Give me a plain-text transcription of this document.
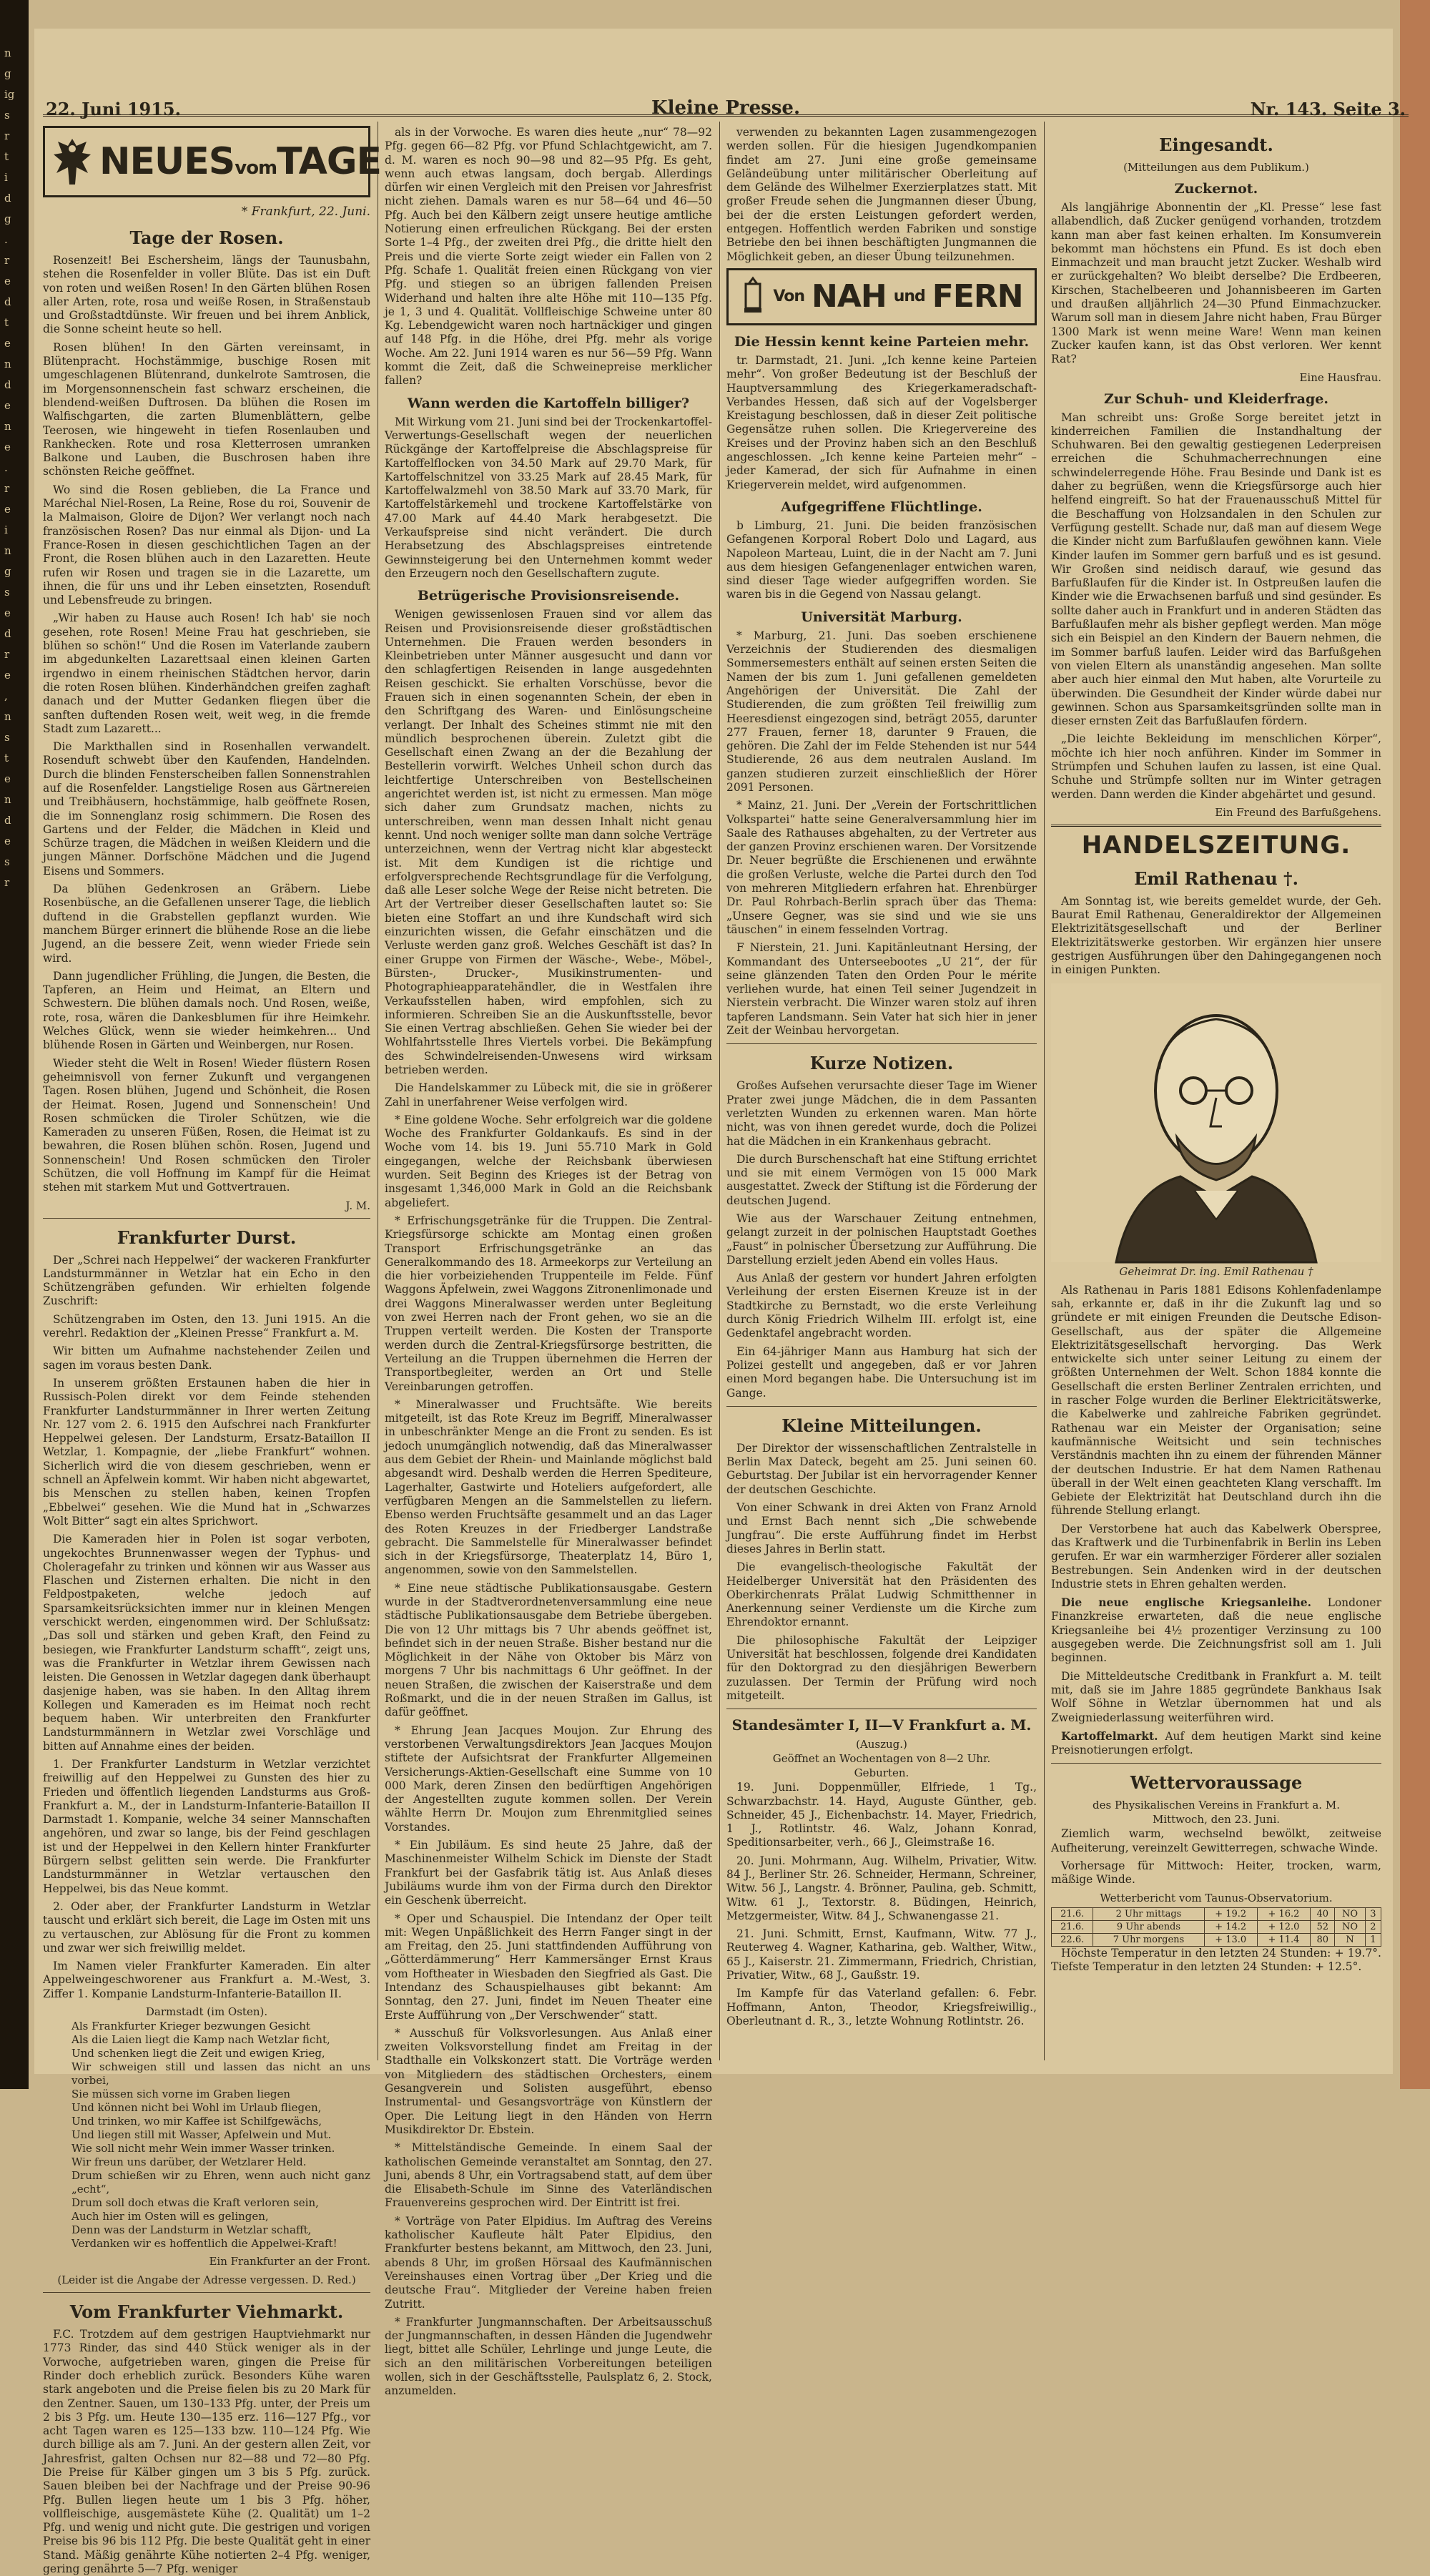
n
g
ig
s
r
t
i
d
g
.
r
e
d
t
e
n
d
e
n
e
.
r
e
i
n
g
s
e
d
r
e
,
n
s
t
e
n
d
e
s
r
22. Juni 1915.	Kleine Presse.	Nr. 143. Seite 3.
NEUESvomTAGE
* Frankfurt, 22. Juni.
Tage der Rosen.

Rosenzeit! Bei Eschersheim, längs der Taunusbahn, stehen die Rosenfelder in voller Blüte. Das ist ein Duft von roten und weißen Rosen! In den Gärten blühen Rosen aller Arten, rote, rosa und weiße Rosen, in Straßenstaub und Großstadtdünste. Wir freuen und bei ihrem Anblick, die Sonne scheint heute so hell.

Rosen blühen! In den Gärten vereinsamt, in Blütenpracht. Hochstämmige, buschige Rosen mit umgeschlagenen Blütenrand, dunkelrote Samtrosen, die im Morgensonnenschein fast schwarz erscheinen, die blendend-weißen Duftrosen. Da blühen die Rosen im Walfischgarten, die zarten Blumenblättern, gelbe Teerosen, wie hingeweht in tiefen Rosenlauben und Rankhecken. Rote und rosa Kletterrosen umranken Balkone und Lauben, die Buschrosen haben ihre schönsten Reiche geöffnet.

Wo sind die Rosen geblieben, die La France und Maréchal Niel-Rosen, La Reine, Rose du roi, Souvenir de la Malmaison, Gloire de Dijon? Wer verlangt noch nach französischen Rosen? Das nur einmal als Dijon- und La France-Rosen in diesen geschichtlichen Tagen an der Front, die Rosen blühen auch in den Lazaretten. Heute rufen wir Rosen und tragen sie in die Lazarette, um ihnen, die für uns und ihr Leben einsetzten, Rosenduft und Lebensfreude zu bringen.

„Wir haben zu Hause auch Rosen! Ich hab' sie noch gesehen, rote Rosen! Meine Frau hat geschrieben, sie blühen so schön!“ Und die Rosen im Vaterlande zaubern im abgedunkelten Lazarettsaal einen kleinen Garten irgendwo in einem rheinischen Städtchen hervor, darin die roten Rosen blühen. Kinderhändchen greifen zaghaft danach und der Mutter Gedanken fliegen über die sanften duftenden Rosen weit, weit weg, in die fremde Stadt zum Lazarett...

Die Markthallen sind in Rosenhallen verwandelt. Rosenduft schwebt über den Kaufenden, Handelnden. Durch die blinden Fensterscheiben fallen Sonnenstrahlen auf die Rosenfelder. Langstielige Rosen aus Gärtnereien und Treibhäusern, hochstämmige, halb geöffnete Rosen, die im Sonnenglanz rosig schimmern. Die Rosen des Gartens und der Felder, die Mädchen in Kleid und Schürze tragen, die Mädchen in weißen Kleidern und die jungen Männer. Dorfschöne Mädchen und die Jugend Eisens und Sommers.

Da blühen Gedenkrosen an Gräbern. Liebe Rosenbüsche, an die Gefallenen unserer Tage, die lieblich duftend in die Grabstellen gepflanzt wurden. Wie manchem Bürger erinnert die blühende Rose an die liebe Jugend, an die bessere Zeit, wenn wieder Friede sein wird.

Dann jugendlicher Frühling, die Jungen, die Besten, die Tapferen, an Heim und Heimat, an Eltern und Schwestern. Die blühen damals noch. Und Rosen, weiße, rote, rosa, wären die Dankesblumen für ihre Heimkehr. Welches Glück, wenn sie wieder heimkehren... Und blühende Rosen in Gärten und Weinbergen, nur Rosen.

Wieder steht die Welt in Rosen! Wieder flüstern Rosen geheimnisvoll von ferner Zukunft und vergangenen Tagen. Rosen blühen, Jugend und Schönheit, die Rosen der Heimat. Rosen, Jugend und Sonnenschein! Und Rosen schmücken die Tiroler Schützen, wie die Kameraden zu unseren Füßen, Rosen, die Heimat ist zu bewahren, die Rosen blühen schön. Rosen, Jugend und Sonnenschein! Und Rosen schmücken den Tiroler Schützen, die voll Hoffnung im Kampf für die Heimat stehen mit starkem Mut und Gottvertrauen.

J. M.
Frankfurter Durst.

Der „Schrei nach Heppelwei“ der wackeren Frankfurter Landsturmmänner in Wetzlar hat ein Echo in den Schützengräben gefunden. Wir erhielten folgende Zuschrift:

Schützengraben im Osten, den 13. Juni 1915. An die verehrl. Redaktion der „Kleinen Presse“ Frankfurt a. M.

Wir bitten um Aufnahme nachstehender Zeilen und sagen im voraus besten Dank.

In unserem größten Erstaunen haben die hier in Russisch-Polen direkt vor dem Feinde stehenden Frankfurter Landsturmmänner in Ihrer werten Zeitung Nr. 127 vom 2. 6. 1915 den Aufschrei nach Frankfurter Heppelwei gelesen. Der Landsturm, Ersatz-Bataillon II Wetzlar, 1. Kompagnie, der „liebe Frankfurt“ wohnen. Sicherlich wird die von diesem geschrieben, wenn er schnell an Äpfelwein kommt. Wir haben nicht abgewartet, bis Menschen zu stellen haben, keinen Tropfen „Ebbelwei“ gesehen. Wie die Mund hat in „Schwarzes Wolt Bitter“ sagt ein altes Sprichwort.

Die Kameraden hier in Polen ist sogar verboten, ungekochtes Brunnenwasser wegen der Typhus- und Choleragefahr zu trinken und können wir aus Wasser aus Flaschen und Zisternen erhalten. Die nicht in den Feldpostpaketen, welche jedoch auf Sparsamkeitsrücksichten immer nur in kleinen Mengen verschickt werden, eingenommen wird. Der Schlußsatz: „Das soll und stärken und geben Kraft, den Feind zu besiegen, wie Frankfurter Landsturm schafft“, zeigt uns, was die Frankfurter in Wetzlar ihrem Gewissen nach leisten. Die Genossen in Wetzlar dagegen dank überhaupt dasjenige haben, was sie haben. In den Alltag ihrem Kollegen und Kameraden es im Heimat noch recht bequem haben. Wir unterbreiten den Frankfurter Landsturmmännern in Wetzlar zwei Vorschläge und bitten auf Annahme eines der beiden.

1. Der Frankfurter Landsturm in Wetzlar verzichtet freiwillig auf den Heppelwei zu Gunsten des hier zu Frieden und öffentlich liegenden Landsturms aus Groß-Frankfurt a. M., der in Landsturm-Infanterie-Bataillon II Darmstadt 1. Kompanie, welche 34 seiner Mannschaften angehören, und zwar so lange, bis der Feind geschlagen ist und der Heppelwei in den Kellern hinter Frankfurter Bürgern selbst gelitten sein werde. Die Frankfurter Landsturmmänner in Wetzlar vertauschen den Heppelwei, bis das Neue kommt.

2. Oder aber, der Frankfurter Landsturm in Wetzlar tauscht und erklärt sich bereit, die Lage im Osten mit uns zu vertauschen, zur Ablösung für die Front zu kommen und zwar wer sich freiwillig meldet.

Im Namen vieler Frankfurter Kameraden. Ein alter Appelweingeschworener aus Frankfurt a. M.-West, 3. Ziffer 1. Kompanie Landsturm-Infanterie-Bataillon II.

Darmstadt (im Osten).

Als Frankfurter Krieger bezwungen Gesicht
Als die Laien liegt die Kamp nach Wetzlar ficht,
Und schenken liegt die Zeit und ewigen Krieg,
Wir schweigen still und lassen das nicht an uns vorbei,
Sie müssen sich vorne im Graben liegen
Und können nicht bei Wohl im Urlaub fliegen,
Und trinken, wo mir Kaffee ist Schilfgewächs,
Und liegen still mit Wasser, Apfelwein und Mut.
Wie soll nicht mehr Wein immer Wasser trinken.
Wir freun uns darüber, der Wetzlarer Held.
Drum schießen wir zu Ehren, wenn auch nicht ganz „echt“,
Drum soll doch etwas die Kraft verloren sein,
Auch hier im Osten will es gelingen,
Denn was der Landsturm in Wetzlar schafft,
Verdanken wir es hoffentlich die Appelwei-Kraft!

Ein Frankfurter an der Front.
(Leider ist die Angabe der Adresse vergessen. D. Red.)
Vom Frankfurter Viehmarkt.

F.C. Trotzdem auf dem gestrigen Hauptviehmarkt nur 1773 Rinder, das sind 440 Stück weniger als in der Vorwoche, aufgetrieben waren, gingen die Preise für Rinder doch erheblich zurück. Besonders Kühe waren stark angeboten und die Preise fielen bis zu 20 Mark für den Zentner. Sauen, um 130–133 Pfg. unter, der Preis um 2 bis 3 Pfg. um. Heute 130—135 erz. 116—127 Pfg., vor acht Tagen waren es 125—133 bzw. 110—124 Pfg. Wie durch billige als am 7. Juni. An der gestern allen Zeit, vor Jahresfrist, galten Ochsen nur 82—88 und 72—80 Pfg. Die Preise für Kälber gingen um 3 bis 5 Pfg. zurück. Sauen bleiben bei der Nachfrage und der Preise 90-96 Pfg. Bullen liegen heute um 1 bis 3 Pfg. höher, vollfleischige, ausgemästete Kühe (2. Qualität) um 1–2 Pfg. und wenig und nicht gute. Die gestrigen und vorigen Preise bis 96 bis 112 Pfg. Die beste Qualität geht in einer Stand. Mäßig genährte Kühe notierten 2–4 Pfg. weniger, gering genährte 5—7 Pfg. weniger

als in der Vorwoche. Es waren dies heute „nur“ 78—92 Pfg. gegen 66—82 Pfg. vor Pfund Schlachtgewicht, am 7. d. M. waren es noch 90—98 und 82—95 Pfg. Es geht, wenn auch etwas langsam, doch bergab. Allerdings dürfen wir einen Vergleich mit den Preisen vor Jahresfrist nicht ziehen. Damals waren es nur 58—64 und 46—50 Pfg. Auch bei den Kälbern zeigt unsere heutige amtliche Notierung einen erfreulichen Rückgang. Bei der ersten Sorte 1–4 Pfg., der zweiten drei Pfg., die dritte hielt den Preis und die vierte Sorte zeigt wieder ein Fallen von 2 Pfg. Schafe 1. Qualität freien einen Rückgang von vier Pfg. und stiegen so an übrigen fallenden Preisen Widerhand und halten ihre alte Höhe mit 110—135 Pfg. je 1, 3 und 4. Qualität. Vollfleischige Schweine unter 80 Kg. Lebendgewicht waren noch hartnäckiger und gingen auf 148 Pfg. in die Höhe, drei Pfg. mehr als vorige Woche. Am 22. Juni 1914 waren es nur 56—59 Pfg. Wann kommt die Zeit, daß die Schweinepreise merklicher fallen?

Wann werden die Kartoffeln billiger?

Mit Wirkung vom 21. Juni sind bei der Trockenkartoffel-Verwertungs-Gesellschaft wegen der neuerlichen Rückgänge der Kartoffelpreise die Abschlagspreise für Kartoffelflocken von 34.50 Mark auf 29.70 Mark, für Kartoffelschnitzel von 33.25 Mark auf 28.45 Mark, für Kartoffelwalzmehl von 38.50 Mark auf 33.70 Mark, für Kartoffelstärkemehl und trockene Kartoffelstärke von 47.00 Mark auf 44.40 Mark herabgesetzt. Die Verkaufspreise sind nicht verändert. Die durch Herabsetzung des Abschlagspreises eintretende Gewinnsteigerung bei den Unternehmen kommt weder den Erzeugern noch den Gesellschaftern zugute.

Betrügerische Provisionsreisende.

Wenigen gewissenlosen Frauen sind vor allem das Reisen und Provisionsreisende dieser großstädtischen Unternehmen. Die Frauen werden besonders in Kleinbetrieben unter Männer ausgesucht und dann vor den schlagfertigen Reisenden in lange ausgedehnten Reisen geschickt. Sie erhalten Vorschüsse, bevor die Frauen sich in einen sogenannten Schein, der eben in den Schriftgang des Waren- und Einlösungscheine verlangt. Der Inhalt des Scheines stimmt nie mit den mündlich besprochenen überein. Zuletzt gibt die Gesellschaft einen Zwang an der die Bezahlung der Bestellerin vorwirft. Welches Unheil schon durch das leichtfertige Unterschreiben von Bestellscheinen angerichtet werden ist, ist nicht zu ermessen. Man möge sich daher zum Grundsatz machen, nichts zu unterschreiben, wenn man dessen Inhalt nicht genau kennt. Und noch weniger sollte man dann solche Verträge unterzeichnen, wenn der Vertrag nicht klar abgesteckt ist. Mit dem Kundigen ist die richtige und erfolgversprechende Rechtsgrundlage für die Verfolgung, daß alle Leser solche Wege der Reise nicht betreten. Die Art der Vertreiber dieser Gesellschaften lautet so: Sie bieten eine Stoffart an und ihre Kundschaft wird sich einzurichten wissen, die Gefahr einschätzen und die Verluste werden ganz groß. Welches Geschäft ist das? In einer Gruppe von Firmen der Wäsche-, Webe-, Möbel-, Bürsten-, Drucker-, Musikinstrumenten- und Photographieapparatehändler, die in Westfalen ihre Verkaufsstellen haben, wird empfohlen, sich zu informieren. Schreiben Sie an die Auskunftsstelle, bevor Sie einen Vertrag abschließen. Gehen Sie wieder bei der Wohlfahrtsstelle Ihres Viertels vorbei. Die Bekämpfung des Schwindelreisenden-Unwesens wird wirksam betrieben werden.

Die Handelskammer zu Lübeck mit, die sie in größerer Zahl in unerfahrener Weise verfolgen wird.

* Eine goldene Woche. Sehr erfolgreich war die goldene Woche des Frankfurter Goldankaufs. Es sind in der Woche vom 14. bis 19. Juni 55.710 Mark in Gold eingegangen, welche der Reichsbank überwiesen wurden. Seit Beginn des Krieges ist der Betrag von insgesamt 1,346,000 Mark in Gold an die Reichsbank abgeliefert.

* Erfrischungsgetränke für die Truppen. Die Zentral-Kriegsfürsorge schickte am Montag einen großen Transport Erfrischungsgetränke an das Generalkommando des 18. Armeekorps zur Verteilung an die hier vorbeiziehenden Truppenteile im Felde. Fünf Waggons Äpfelwein, zwei Waggons Zitronenlimonade und drei Waggons Mineralwasser werden unter Begleitung von zwei Herren nach der Front gehen, wo sie an die Truppen verteilt werden. Die Kosten der Transporte werden durch die Zentral-Kriegsfürsorge bestritten, die Verteilung an die Truppen übernehmen die Herren der Transportbegleiter, werden an Ort und Stelle Vereinbarungen getroffen.

* Mineralwasser und Fruchtsäfte. Wie bereits mitgeteilt, ist das Rote Kreuz im Begriff, Mineralwasser in unbeschränkter Menge an die Front zu senden. Es ist jedoch unumgänglich notwendig, daß das Mineralwasser aus dem Gebiet der Rhein- und Mainlande möglichst bald abgesandt wird. Deshalb werden die Herren Spediteure, Lagerhalter, Gastwirte und Hoteliers aufgefordert, alle verfügbaren Mengen an die Sammelstellen zu liefern. Ebenso werden Fruchtsäfte gesammelt und an das Lager des Roten Kreuzes in der Friedberger Landstraße gebracht. Die Sammelstelle für Mineralwasser befindet sich in der Kriegsfürsorge, Theaterplatz 14, Büro 1, angenommen, sowie von den Sammelstellen.

* Eine neue städtische Publikationsausgabe. Gestern wurde in der Stadtverordnetenversammlung eine neue städtische Publikationsausgabe dem Betriebe übergeben. Die von 12 Uhr mittags bis 7 Uhr abends geöffnet ist, befindet sich in der neuen Straße. Bisher bestand nur die Möglichkeit in der Nähe von Oktober bis März von morgens 7 Uhr bis nachmittags 6 Uhr geöffnet. In der neuen Straßen, die zwischen der Kaiserstraße und dem Roßmarkt, und die in der neuen Straßen im Gallus, ist dafür geöffnet.

* Ehrung Jean Jacques Moujon. Zur Ehrung des verstorbenen Verwaltungsdirektors Jean Jacques Moujon stiftete der Aufsichtsrat der Frankfurter Allgemeinen Versicherungs-Aktien-Gesellschaft eine Summe von 10 000 Mark, deren Zinsen den bedürftigen Angehörigen der Angestellten zugute kommen sollen. Der Verein wählte Herrn Dr. Moujon zum Ehrenmitglied seines Vorstandes.

* Ein Jubiläum. Es sind heute 25 Jahre, daß der Maschinenmeister Wilhelm Schick im Dienste der Stadt Frankfurt bei der Gasfabrik tätig ist. Aus Anlaß dieses Jubiläums wurde ihm von der Firma durch den Direktor ein Geschenk überreicht.

* Oper und Schauspiel. Die Intendanz der Oper teilt mit: Wegen Unpäßlichkeit des Herrn Fanger singt in der am Freitag, den 25. Juni stattfindenden Aufführung von „Götterdämmerung“ Herr Kammersänger Ernst Kraus vom Hoftheater in Wiesbaden den Siegfried als Gast. Die Intendanz des Schauspielhauses gibt bekannt: Am Sonntag, den 27. Juni, findet im Neuen Theater eine Erste Aufführung von „Der Verschwender“ statt.

* Ausschuß für Volksvorlesungen. Aus Anlaß einer zweiten Volksvorstellung findet am Freitag in der Stadthalle ein Volkskonzert statt. Die Vorträge werden von Mitgliedern des städtischen Orchesters, einem Gesangverein und Solisten ausgeführt, ebenso Instrumental- und Gesangsvorträge von Künstlern der Oper. Die Leitung liegt in den Händen von Herrn Musikdirektor Dr. Ebstein.

* Mittelständische Gemeinde. In einem Saal der katholischen Gemeinde veranstaltet am Sonntag, den 27. Juni, abends 8 Uhr, ein Vortragsabend statt, auf dem über die Elisabeth-Schule im Sinne des Vaterländischen Frauenvereins gesprochen wird. Der Eintritt ist frei.

* Vorträge von Pater Elpidius. Im Auftrag des Vereins katholischer Kaufleute hält Pater Elpidius, den Frankfurter bestens bekannt, am Mittwoch, den 23. Juni, abends 8 Uhr, im großen Hörsaal des Kaufmännischen Vereinshauses einen Vortrag über „Der Krieg und die deutsche Frau“. Mitglieder der Vereine haben freien Zutritt.

* Frankfurter Jungmannschaften. Der Arbeitsausschuß der Jungmannschaften, in dessen Händen die Jugendwehr liegt, bittet alle Schüler, Lehrlinge und junge Leute, die sich an den militärischen Vorbereitungen beteiligen wollen, sich in der Geschäftsstelle, Paulsplatz 6, 2. Stock, anzumelden.

verwenden zu bekannten Lagen zusammengezogen werden sollen. Für die hiesigen Jugendkompanien findet am 27. Juni eine große gemeinsame Geländeübung unter militärischer Oberleitung auf dem Gelände des Wilhelmer Exerzierplatzes statt. Mit großer Freude sehen die Jungmannen dieser Übung, bei der die ersten Leistungen gefordert werden, entgegen. Hoffentlich werden Fabriken und sonstige Betriebe den bei ihnen beschäftigten Jungmannen die Möglichkeit geben, an dieser Übung teilzunehmen.

Von NAH und FERN
Die Hessin kennt keine Parteien mehr.

tr. Darmstadt, 21. Juni. „Ich kenne keine Parteien mehr“. Von großer Bedeutung ist der Beschluß der Hauptversammlung des Kriegerkameradschaft-Verbandes Hessen, daß sich auf der Vogelsberger Kreistagung beschlossen, daß in dieser Zeit politische Gegensätze ruhen sollen. Die Kriegervereine des Kreises und der Provinz haben sich an den Beschluß angeschlossen. „Ich kenne keine Parteien mehr“ – jeder Kamerad, der sich für Aufnahme in einen Kriegerverein meldet, wird aufgenommen.

Aufgegriffene Flüchtlinge.

b Limburg, 21. Juni. Die beiden französischen Gefangenen Korporal Robert Dolo und Lagard, aus Napoleon Marteau, Luint, die in der Nacht am 7. Juni aus dem hiesigen Gefangenenlager entwichen waren, sind dieser Tage wieder aufgegriffen worden. Sie waren bis in die Gegend von Nassau gelangt.

Universität Marburg.

* Marburg, 21. Juni. Das soeben erschienene Verzeichnis der Studierenden des diesmaligen Sommersemesters enthält auf seinen ersten Seiten die Namen der bis zum 1. Juni gefallenen gemeldeten Angehörigen der Universität. Die Zahl der Studierenden, die zum größten Teil freiwillig zum Heeresdienst eingezogen sind, beträgt 2055, darunter 277 Frauen, ferner 18, darunter 9 Frauen, die gehören. Die Zahl der im Felde Stehenden ist nur 544 Studierende, 26 aus dem neutralen Ausland. Im ganzen studieren zurzeit einschließlich der Hörer 2091 Personen.

* Mainz, 21. Juni. Der „Verein der Fortschrittlichen Volkspartei“ hatte seine Generalversammlung hier im Saale des Rathauses abgehalten, zu der Vertreter aus der ganzen Provinz erschienen waren. Der Vorsitzende Dr. Neuer begrüßte die Erschienenen und erwähnte die großen Verluste, welche die Partei durch den Tod von mehreren Mitgliedern erfahren hat. Ehrenbürger Dr. Paul Rohrbach-Berlin sprach über das Thema: „Unsere Gegner, was sie sind und wie sie uns täuschen“ in einem fesselnden Vortrag.

F Nierstein, 21. Juni. Kapitänleutnant Hersing, der Kommandant des Unterseebootes „U 21“, der für seine glänzenden Taten den Orden Pour le mérite verliehen wurde, hat einen Teil seiner Jugendzeit in Nierstein verbracht. Die Winzer waren stolz auf ihren tapferen Landsmann. Sein Vater hat sich hier in jener Zeit der Weinbau hervorgetan.

Kurze Notizen.

Großes Aufsehen verursachte dieser Tage im Wiener Prater zwei junge Mädchen, die in dem Passanten verletzten Wunden zu erkennen waren. Man hörte nicht, was von ihnen geredet wurde, doch die Polizei hat die Mädchen in ein Krankenhaus gebracht.

Die durch Burschenschaft hat eine Stiftung errichtet und sie mit einem Vermögen von 15 000 Mark ausgestattet. Zweck der Stiftung ist die Förderung der deutschen Jugend.

Wie aus der Warschauer Zeitung entnehmen, gelangt zurzeit in der polnischen Hauptstadt Goethes „Faust“ in polnischer Übersetzung zur Aufführung. Die Darstellung erzielt jeden Abend ein volles Haus.

Aus Anlaß der gestern vor hundert Jahren erfolgten Verleihung der ersten Eisernen Kreuze ist in der Stadtkirche zu Bernstadt, wo die erste Verleihung durch König Friedrich Wilhelm III. erfolgt ist, eine Gedenktafel angebracht worden.

Ein 64-jähriger Mann aus Hamburg hat sich der Polizei gestellt und angegeben, daß er vor Jahren einen Mord begangen habe. Die Untersuchung ist im Gange.

Kleine Mitteilungen.

Der Direktor der wissenschaftlichen Zentralstelle in Berlin Max Dateck, begeht am 25. Juni seinen 60. Geburtstag. Der Jubilar ist ein hervorragender Kenner der deutschen Geschichte.

Von einer Schwank in drei Akten von Franz Arnold und Ernst Bach nennt sich „Die schwebende Jungfrau“. Die erste Aufführung findet im Herbst dieses Jahres in Berlin statt.

Die evangelisch-theologische Fakultät der Heidelberger Universität hat den Präsidenten des Oberkirchenrats Prälat Ludwig Schmitthenner in Anerkennung seiner Verdienste um die Kirche zum Ehrendoktor ernannt.

Die philosophische Fakultät der Leipziger Universität hat beschlossen, folgende drei Kandidaten für den Doktorgrad zu den diesjährigen Bewerbern zuzulassen. Der Termin der Prüfung wird noch mitgeteilt.

Standesämter I, II—V Frankfurt a. M.
(Auszug.)
Geöffnet an Wochentagen von 8—2 Uhr.
Geburten.

19. Juni. Doppenmüller, Elfriede, 1 Tg., Schwarzbachstr. 14. Hayd, Auguste Günther, geb. Schneider, 45 J., Eichenbachstr. 14. Mayer, Friedrich, 1 J., Rotlintstr. 46. Walz, Johann Konrad, Speditionsarbeiter, verh., 66 J., Gleimstraße 16.

20. Juni. Mohrmann, Aug. Wilhelm, Privatier, Witw. 84 J., Berliner Str. 26. Schneider, Hermann, Schreiner, Witw. 56 J., Langstr. 4. Brönner, Paulina, geb. Schmitt, Witw. 61 J., Textorstr. 8. Büdingen, Heinrich, Metzgermeister, Witw. 84 J., Schwanengasse 21.

21. Juni. Schmitt, Ernst, Kaufmann, Witw. 77 J., Reuterweg 4. Wagner, Katharina, geb. Walther, Witw., 65 J., Kaiserstr. 21. Zimmermann, Friedrich, Christian, Privatier, Witw., 68 J., Gaußstr. 19.

Im Kampfe für das Vaterland gefallen: 6. Febr. Hoffmann, Anton, Theodor, Kriegsfreiwillig., Oberleutnant d. R., 3., letzte Wohnung Rotlintstr. 26.

Eingesandt.
(Mitteilungen aus dem Publikum.)
Zuckernot.

Als langjährige Abonnentin der „Kl. Presse“ lese fast allabendlich, daß Zucker genügend vorhanden, trotzdem kann man aber fast keinen erhalten. Im Konsumverein bekommt man höchstens ein Pfund. Es ist doch eben Einmachzeit und man braucht jetzt Zucker. Weshalb wird er zurückgehalten? Wo bleibt derselbe? Die Erdbeeren, Kirschen, Stachelbeeren und Johannisbeeren im Garten und draußen alljährlich 24—30 Pfund Einmachzucker. Warum soll man in diesem Jahre nicht haben, Frau Bürger 1300 Mark ist wenn meine Ware! Wenn man keinen Zucker kaufen kann, ist das Obst verloren. Wer kennt Rat?

Eine Hausfrau.
Zur Schuh- und Kleiderfrage.

Man schreibt uns: Große Sorge bereitet jetzt in kinderreichen Familien die Instandhaltung der Schuhwaren. Bei den gewaltig gestiegenen Lederpreisen erreichen die Schuhmacherrechnungen eine schwindelerregende Höhe. Frau Besinde und Dank ist es daher zu begrüßen, wenn die Kriegsfürsorge auch hier helfend eingreift. So hat der Frauenausschuß Mittel für die Beschaffung von Holzsandalen in den Schulen zur Verfügung gestellt. Schade nur, daß man auf diesem Wege die Kinder nicht zum Barfußlaufen gewöhnen kann. Viele Kinder laufen im Sommer gern barfuß und es ist gesund. Wir Großen sind neidisch darauf, wie gesund das Barfußlaufen für die Kinder ist. In Ostpreußen laufen die Kinder wie die Erwachsenen barfuß und sind gesünder. Es sollte daher auch in Frankfurt und in anderen Städten das Barfußlaufen mehr als bisher gepflegt werden. Man möge sich ein Beispiel an den Kindern der Bauern nehmen, die im Sommer barfuß laufen. Leider wird das Barfußgehen von vielen Eltern als unanständig angesehen. Man sollte aber auch hier einmal den Mut haben, alte Vorurteile zu überwinden. Die Gesundheit der Kinder würde dabei nur gewinnen. Schon aus Sparsamkeitsgründen sollte man in dieser ernsten Zeit das Barfußlaufen fördern.

„Die leichte Bekleidung im menschlichen Körper“, möchte ich hier noch anführen. Kinder im Sommer in Strümpfen und Schuhen laufen zu lassen, ist eine Qual. Schuhe und Strümpfe sollten nur im Winter getragen werden. Dann werden die Kinder abgehärtet und gesund.

Ein Freund des Barfußgehens.
HANDELSZEITUNG.
Emil Rathenau †.

Am Sonntag ist, wie bereits gemeldet wurde, der Geh. Baurat Emil Rathenau, Generaldirektor der Allgemeinen Elektrizitätsgesellschaft und der Berliner Elektrizitätswerke gestorben. Wir ergänzen hier unsere gestrigen Ausführungen über den Dahingegangenen noch in einigen Punkten.

Geheimrat Dr. ing. Emil Rathenau †

Als Rathenau in Paris 1881 Edisons Kohlenfadenlampe sah, erkannte er, daß in ihr die Zukunft lag und so gründete er mit einigen Freunden die Deutsche Edison-Gesellschaft, aus der später die Allgemeine Elektrizitätsgesellschaft hervorging. Das Werk entwickelte sich unter seiner Leitung zu einem der größten Unternehmen der Welt. Schon 1884 konnte die Gesellschaft die ersten Berliner Zentralen errichten, und in rascher Folge wurden die Berliner Elektricitätswerke, die Kabelwerke und zahlreiche Fabriken gegründet. Rathenau war ein Meister der Organisation; seine kaufmännische Weitsicht und sein technisches Verständnis machten ihn zu einem der führenden Männer der deutschen Industrie. Er hat dem Namen Rathenau überall in der Welt einen geachteten Klang verschafft. Im Gebiete der Elektrizität hat Deutschland durch ihn die führende Stellung erlangt.

Der Verstorbene hat auch das Kabelwerk Oberspree, das Kraftwerk und die Turbinenfabrik in Berlin ins Leben gerufen. Er war ein warmherziger Förderer aller sozialen Bestrebungen. Sein Andenken wird in der deutschen Industrie stets in Ehren gehalten werden.

Die neue englische Kriegsanleihe. Londoner Finanzkreise erwarteten, daß die neue englische Kriegsanleihe bei 4½ prozentiger Verzinsung zu 100 ausgegeben werde. Die Zeichnungsfrist soll am 1. Juli beginnen.

Die Mitteldeutsche Creditbank in Frankfurt a. M. teilt mit, daß sie im Jahre 1885 gegründete Bankhaus Isak Wolf Söhne in Wetzlar übernommen hat und als Zweigniederlassung weiterführen wird.

Kartoffelmarkt. Auf dem heutigen Markt sind keine Preisnotierungen erfolgt.

Wettervoraussage
des Physikalischen Vereins in Frankfurt a. M.
Mittwoch, den 23. Juni.

Ziemlich warm, wechselnd bewölkt, zeitweise Aufheiterung, vereinzelt Gewitterregen, schwache Winde.

Vorhersage für Mittwoch: Heiter, trocken, warm, mäßige Winde.

Wetterbericht vom Taunus-Observatorium.
21.6.	2 Uhr mittags	+ 19.2	+ 16.2	40	NO	3
21.6.	9 Uhr abends	+ 14.2	+ 12.0	52	NO	2
22.6.	7 Uhr morgens	+ 13.0	+ 11.4	80	N	1

Höchste Temperatur in den letzten 24 Stunden: + 19.7°. Tiefste Temperatur in den letzten 24 Stunden: + 12.5°.
